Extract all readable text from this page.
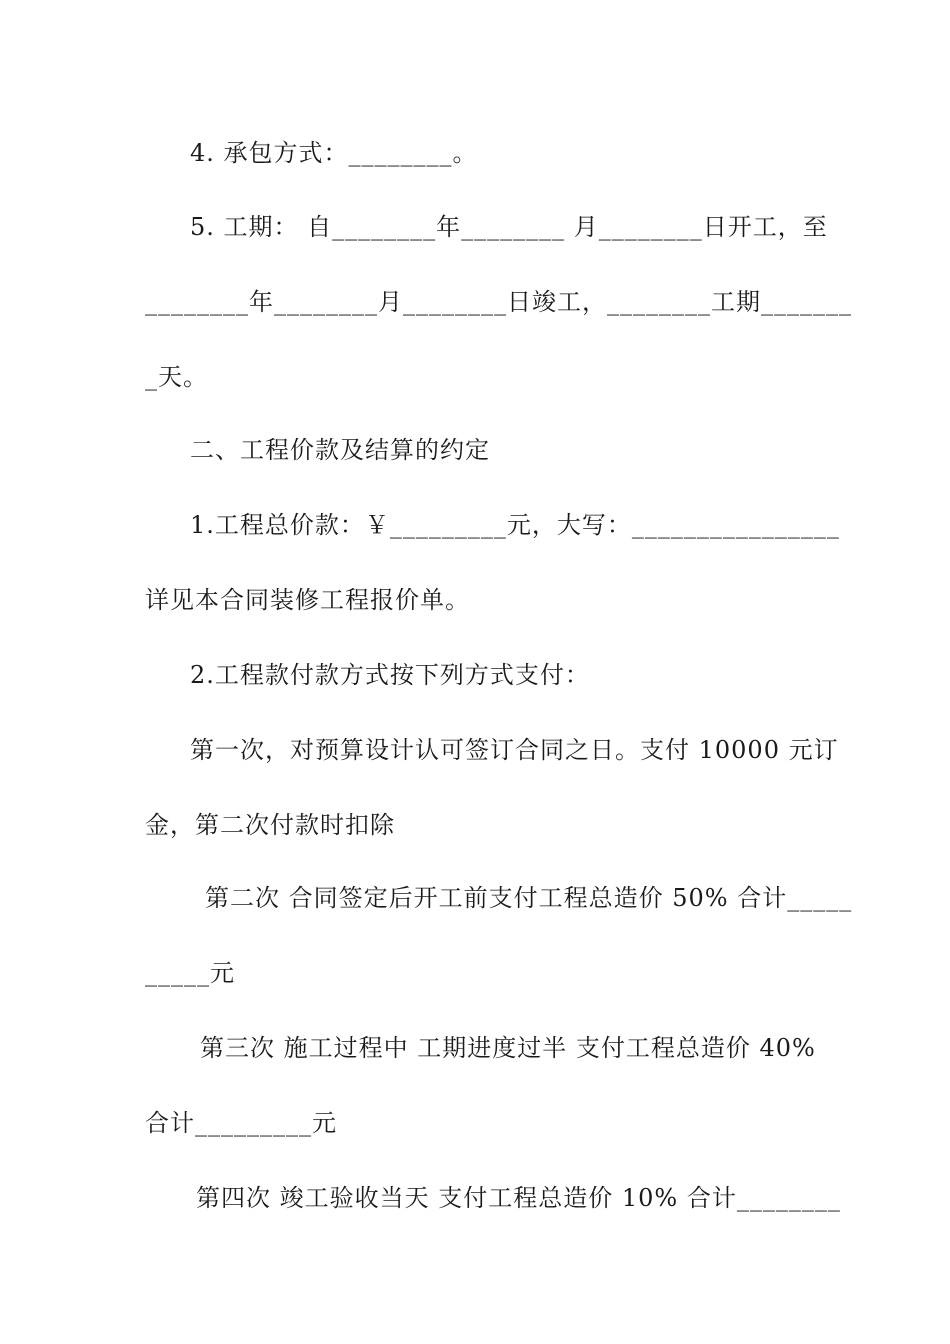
4. 承包方式：________。
5. 工期： 自________年________ 月________日开工，至
________年________月________日竣工，________工期_______
_天。
二、工程价款及结算的约定
1.工程总价款：￥_________元，大写：________________
详见本合同装修工程报价单。
2.工程款付款方式按下列方式支付：
第一次，对预算设计认可签订合同之日。支付 10000 元订
金，第二次付款时扣除
第二次 合同签定后开工前支付工程总造价 50% 合计_____
_____元
第三次 施工过程中 工期进度过半 支付工程总造价 40%
合计_________元
第四次 竣工验收当天 支付工程总造价 10% 合计________
